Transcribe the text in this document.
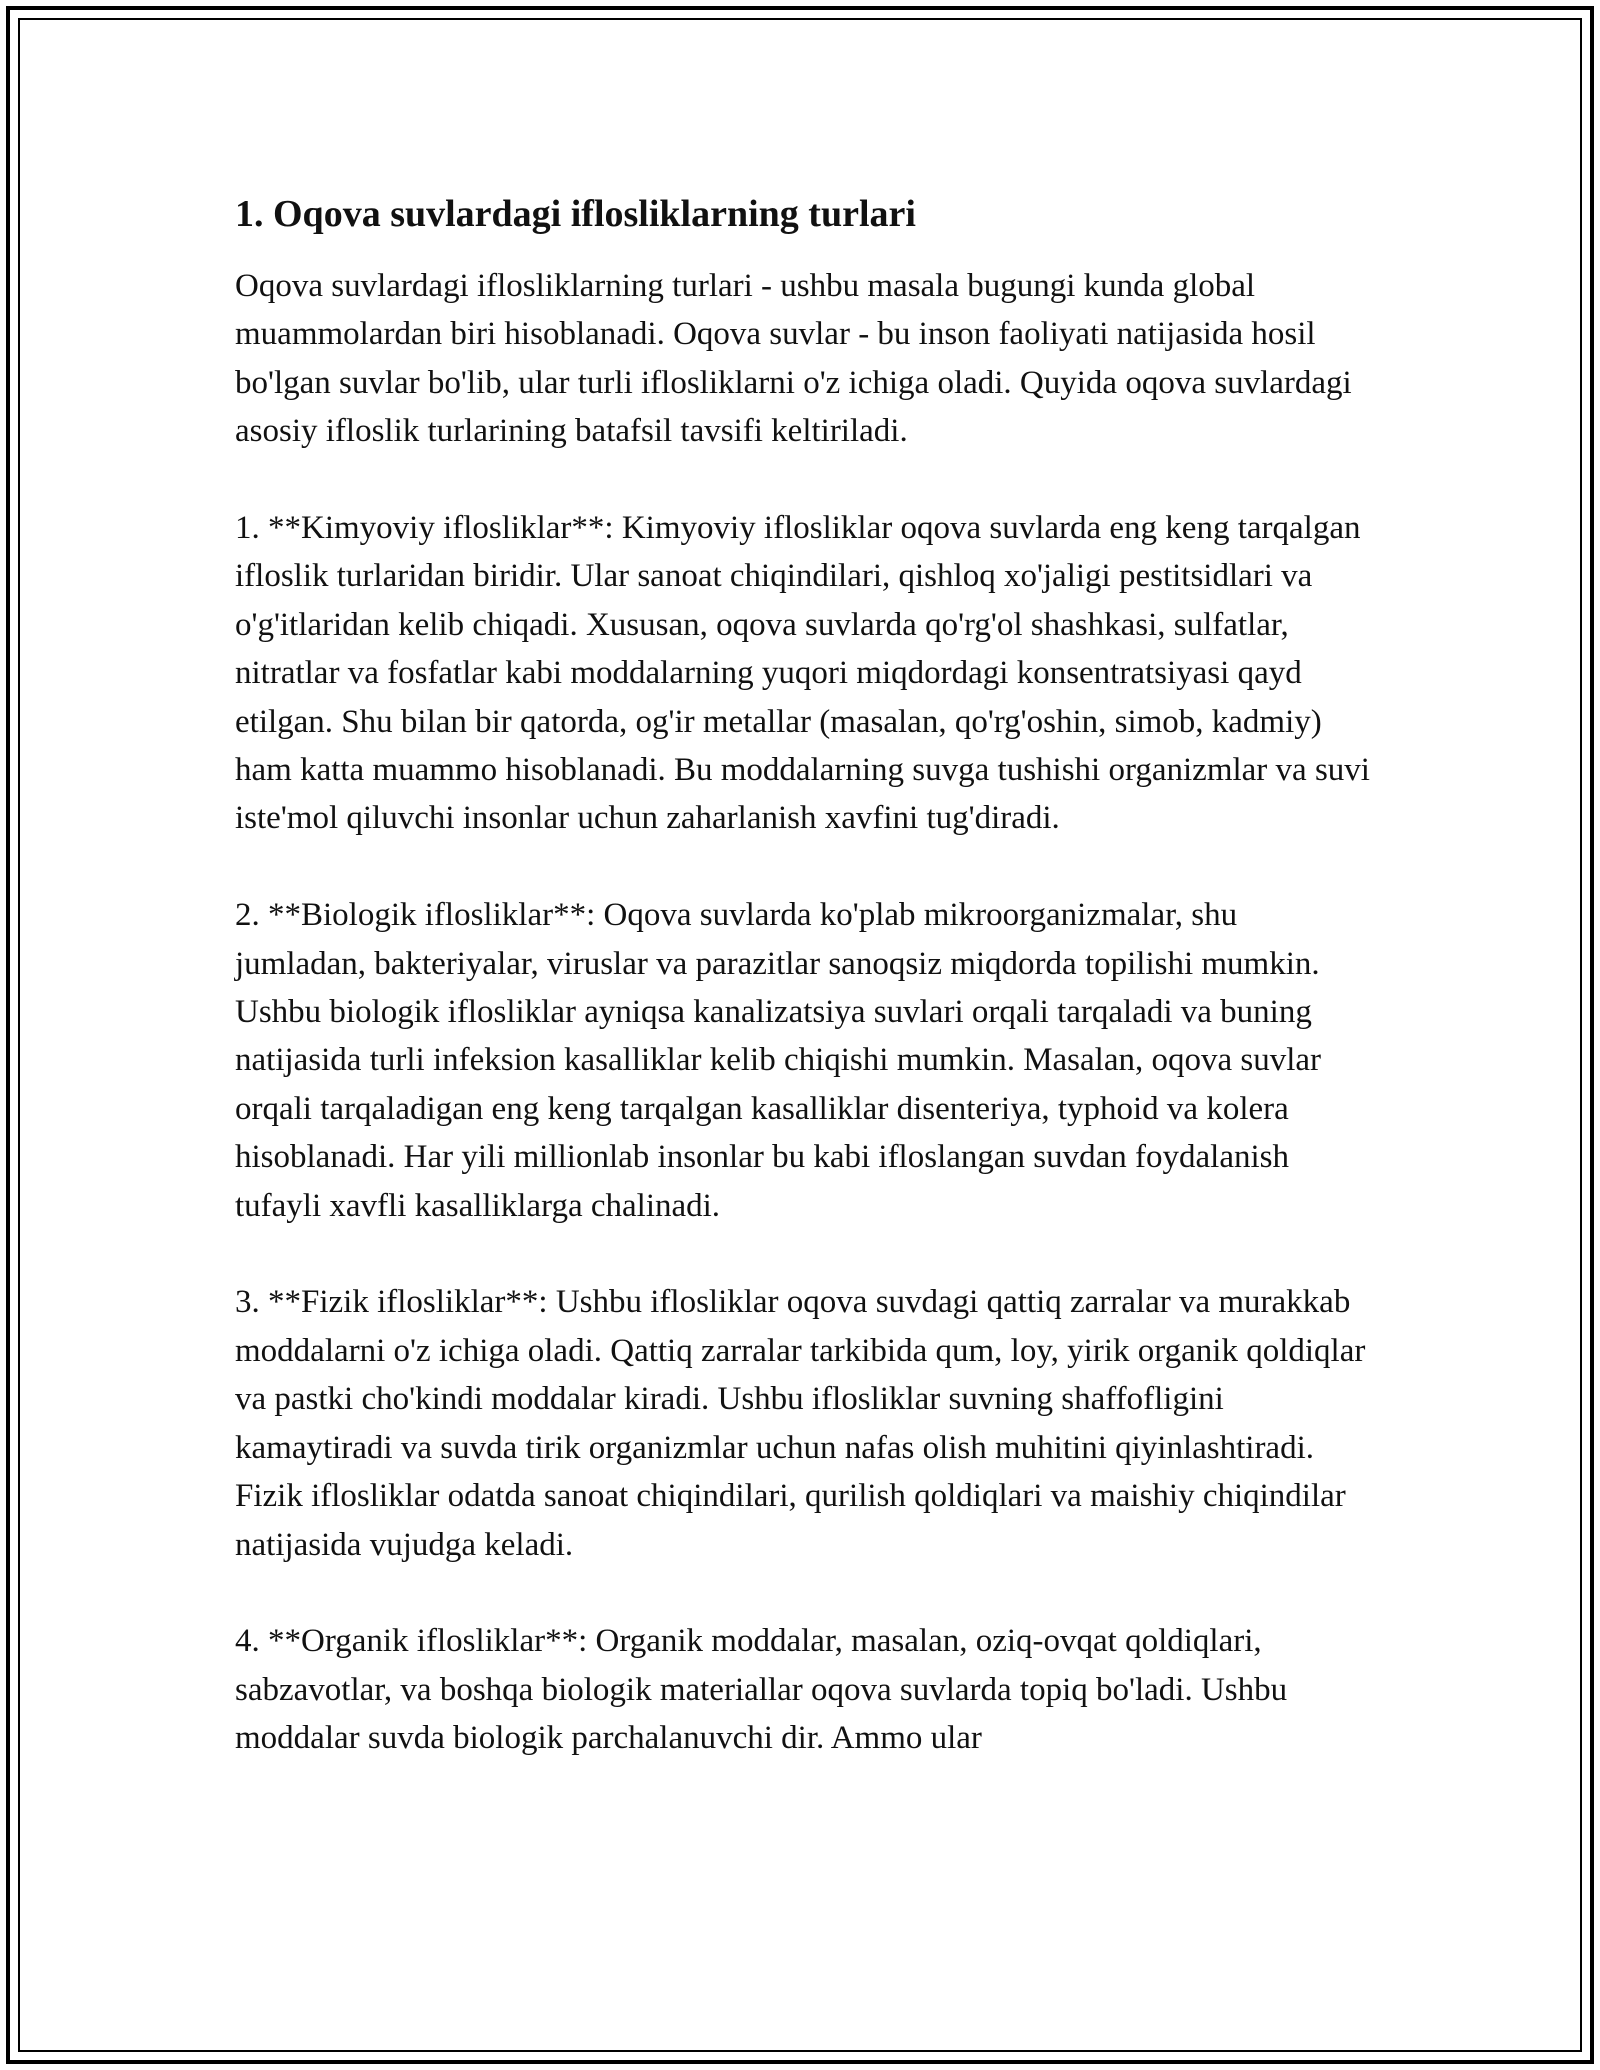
1. Oqova suvlardagi iflosliklarning turlari

Oqova suvlardagi iflosliklarning turlari - ushbu masala bugungi kunda global muammolardan biri hisoblanadi. Oqova suvlar - bu inson faoliyati natijasida hosil bo'lgan suvlar bo'lib, ular turli iflosliklarni o'z ichiga oladi. Quyida oqova suvlardagi asosiy ifloslik turlarining batafsil tavsifi keltiriladi.

1. **Kimyoviy iflosliklar**: Kimyoviy iflosliklar oqova suvlarda eng keng tarqalgan ifloslik turlaridan biridir. Ular sanoat chiqindilari, qishloq xo'jaligi pestitsidlari va o'g'itlaridan kelib chiqadi. Xususan, oqova suvlarda qo'rg'ol shashkasi, sulfatlar, nitratlar va fosfatlar kabi moddalarning yuqori miqdordagi konsentratsiyasi qayd etilgan. Shu bilan bir qatorda, og'ir metallar (masalan, qo'rg'oshin, simob, kadmiy) ham katta muammo hisoblanadi. Bu moddalarning suvga tushishi organizmlar va suvi iste'mol qiluvchi insonlar uchun zaharlanish xavfini tug'diradi.

2. **Biologik iflosliklar**: Oqova suvlarda ko'plab mikroorganizmalar, shu jumladan, bakteriyalar, viruslar va parazitlar sanoqsiz miqdorda topilishi mumkin. Ushbu biologik iflosliklar ayniqsa kanalizatsiya suvlari orqali tarqaladi va buning natijasida turli infeksion kasalliklar kelib chiqishi mumkin. Masalan, oqova suvlar orqali tarqaladigan eng keng tarqalgan kasalliklar disenteriya, typhoid va kolera hisoblanadi. Har yili millionlab insonlar bu kabi ifloslangan suvdan foydalanish tufayli xavfli kasalliklarga chalinadi.

3. **Fizik iflosliklar**: Ushbu iflosliklar oqova suvdagi qattiq zarralar va murakkab moddalarni o'z ichiga oladi. Qattiq zarralar tarkibida qum, loy, yirik organik qoldiqlar va pastki cho'kindi moddalar kiradi. Ushbu iflosliklar suvning shaffofligini kamaytiradi va suvda tirik organizmlar uchun nafas olish muhitini qiyinlashtiradi. Fizik iflosliklar odatda sanoat chiqindilari, qurilish qoldiqlari va maishiy chiqindilar natijasida vujudga keladi.

4. **Organik iflosliklar**: Organik moddalar, masalan, oziq-ovqat qoldiqlari, sabzavotlar, va boshqa biologik materiallar oqova suvlarda topiq bo'ladi. Ushbu moddalar suvda biologik parchalanuvchi dir. Ammo ular
